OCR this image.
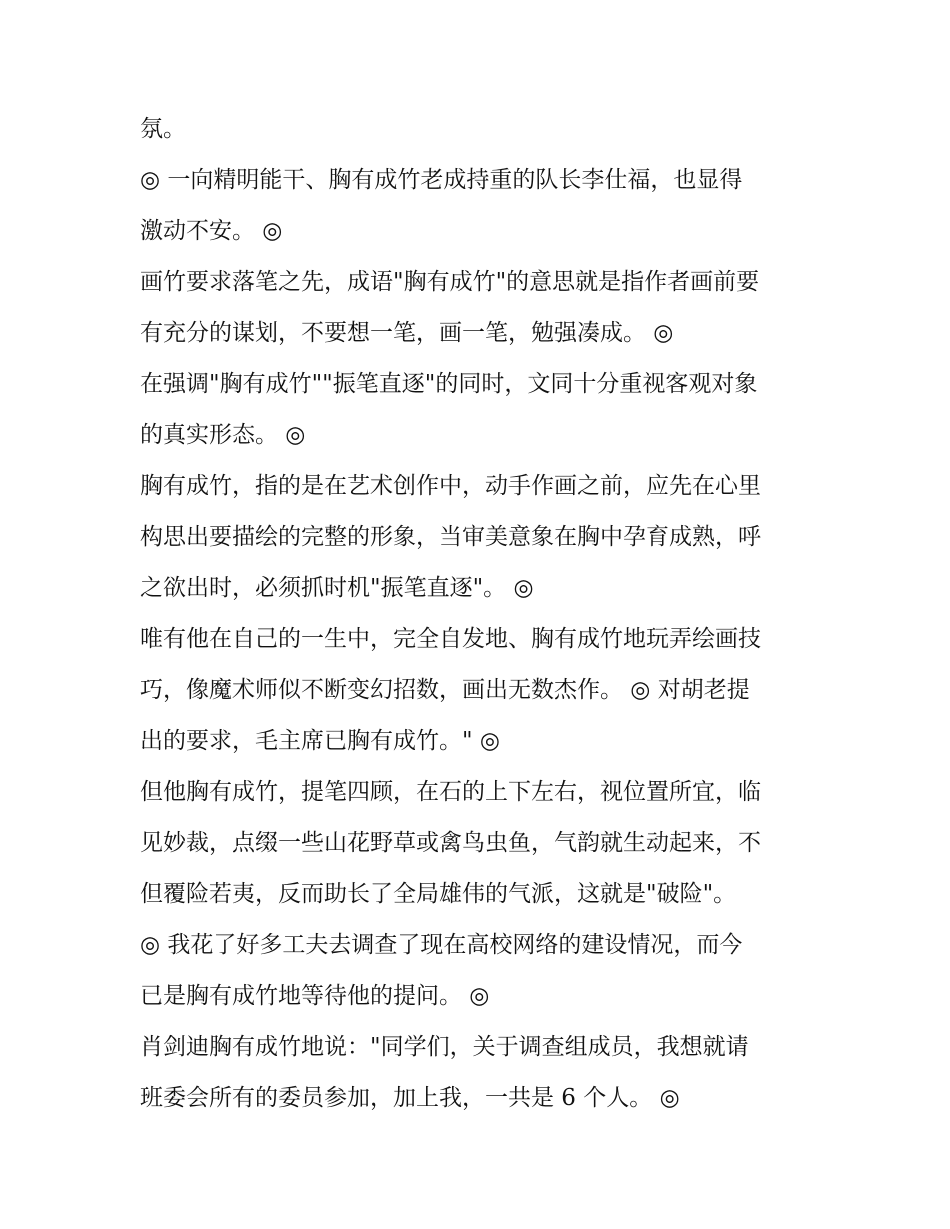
氛。
◎ 一向精明能干、胸有成竹老成持重的队长李仕福，也显得
激动不安。 ◎
画竹要求落笔之先，成语"胸有成竹"的意思就是指作者画前要
有充分的谋划，不要想一笔，画一笔，勉强凑成。 ◎
在强调"胸有成竹""振笔直逐"的同时，文同十分重视客观对象
的真实形态。 ◎
胸有成竹，指的是在艺术创作中，动手作画之前，应先在心里
构思出要描绘的完整的形象，当审美意象在胸中孕育成熟，呼
之欲出时，必须抓时机"振笔直逐"。 ◎
唯有他在自己的一生中，完全自发地、胸有成竹地玩弄绘画技
巧，像魔术师似不断变幻招数，画出无数杰作。 ◎ 对胡老提
出的要求，毛主席已胸有成竹。" ◎
但他胸有成竹，提笔四顾，在石的上下左右，视位置所宜，临
见妙裁，点缀一些山花野草或禽鸟虫鱼，气韵就生动起来，不
但覆险若夷，反而助长了全局雄伟的气派，这就是"破险"。
◎ 我花了好多工夫去调查了现在高校网络的建设情况，而今
已是胸有成竹地等待他的提问。 ◎
肖剑迪胸有成竹地说："同学们，关于调查组成员，我想就请
班委会所有的委员参加，加上我，一共是 6 个人。 ◎
